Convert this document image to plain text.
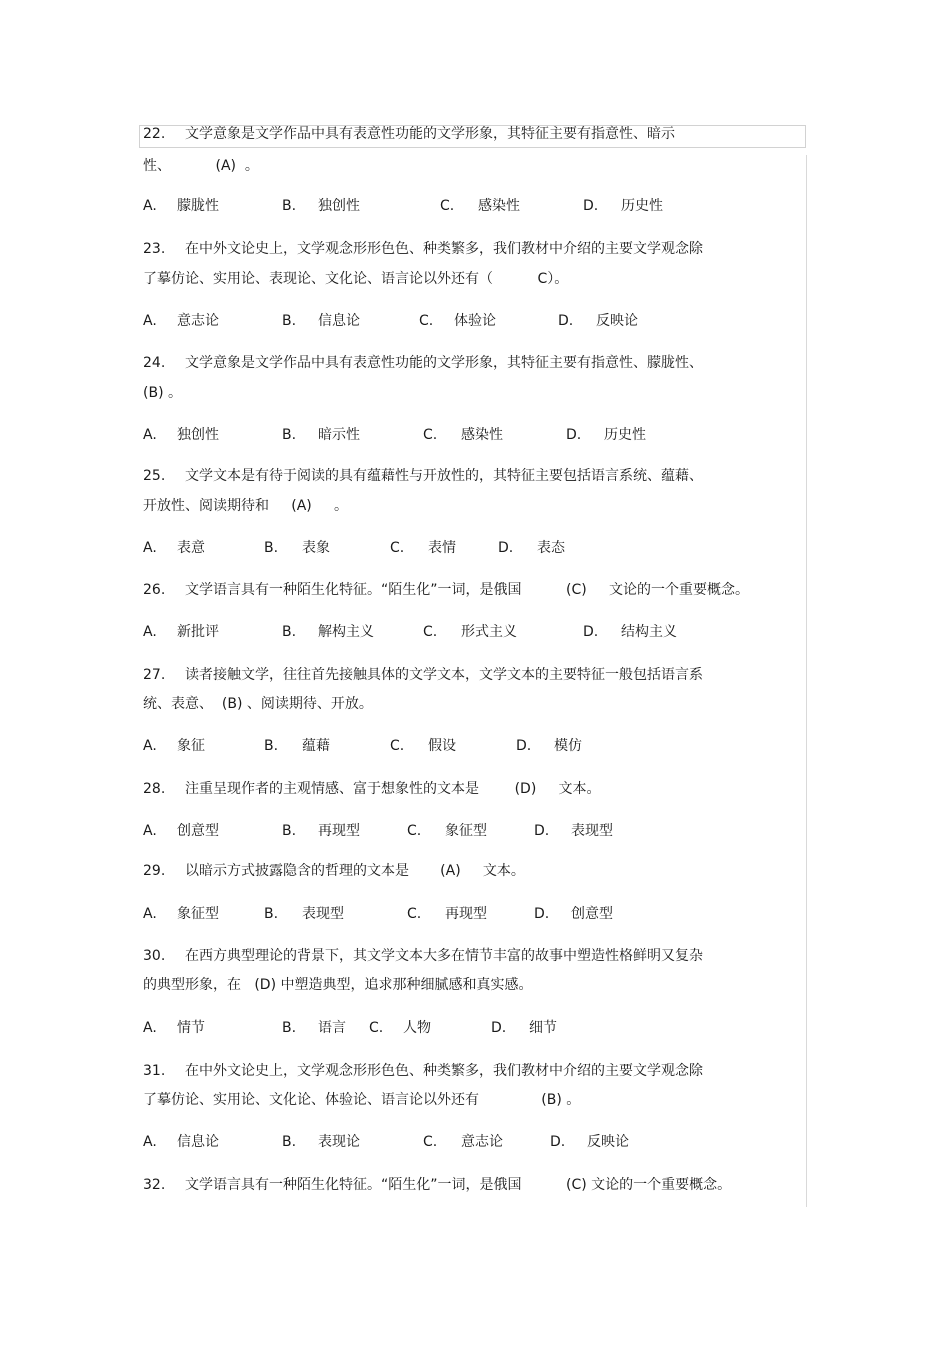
22. 文学意象是文学作品中具有表意性功能的文学形象，其特征主要有指意性、暗示
性、          (A)  。
A. 朦胧性	B. 独创性	C. 感染性	D. 历史性
23. 在中外文论史上，文学观念形形色色、种类繁多，我们教材中介绍的主要文学观念除
了摹仿论、实用论、表现论、文化论、语言论以外还有（          C）。
A. 意志论	B. 信息论	C. 体验论	D. 反映论
24. 文学意象是文学作品中具有表意性功能的文学形象，其特征主要有指意性、朦胧性、
(B) 。
A. 独创性	B. 暗示性	C. 感染性	D. 历史性
25. 文学文本是有待于阅读的具有蕴藉性与开放性的，其特征主要包括语言系统、蕴藉、
开放性、阅读期待和     (A)     。
A. 表意	B. 表象	C. 表情	D. 表态
26. 文学语言具有一种陌生化特征。“陌生化”一词，是俄国          (C)     文论的一个重要概念。
A. 新批评	B. 解构主义	C. 形式主义	D. 结构主义
27. 读者接触文学，往往首先接触具体的文学文本，文学文本的主要特征一般包括语言系
统、表意、  (B) 、阅读期待、开放。
A. 象征	B. 蕴藉	C. 假设	D. 模仿
28. 注重呈现作者的主观情感、富于想象性的文本是        (D)     文本。
A. 创意型	B. 再现型	C. 象征型	D. 表现型
29. 以暗示方式披露隐含的哲理的文本是       (A)     文本。
A. 象征型	B. 表现型	C. 再现型	D. 创意型
30. 在西方典型理论的背景下，其文学文本大多在情节丰富的故事中塑造性格鲜明又复杂
的典型形象，在   (D) 中塑造典型，追求那种细腻感和真实感。
A. 情节	B. 语言 C. 人物	D. 细节
31. 在中外文论史上，文学观念形形色色、种类繁多，我们教材中介绍的主要文学观念除
了摹仿论、实用论、文化论、体验论、语言论以外还有              (B) 。
A. 信息论	B. 表现论	C. 意志论	D. 反映论
32. 文学语言具有一种陌生化特征。“陌生化”一词，是俄国          (C) 文论的一个重要概念。
